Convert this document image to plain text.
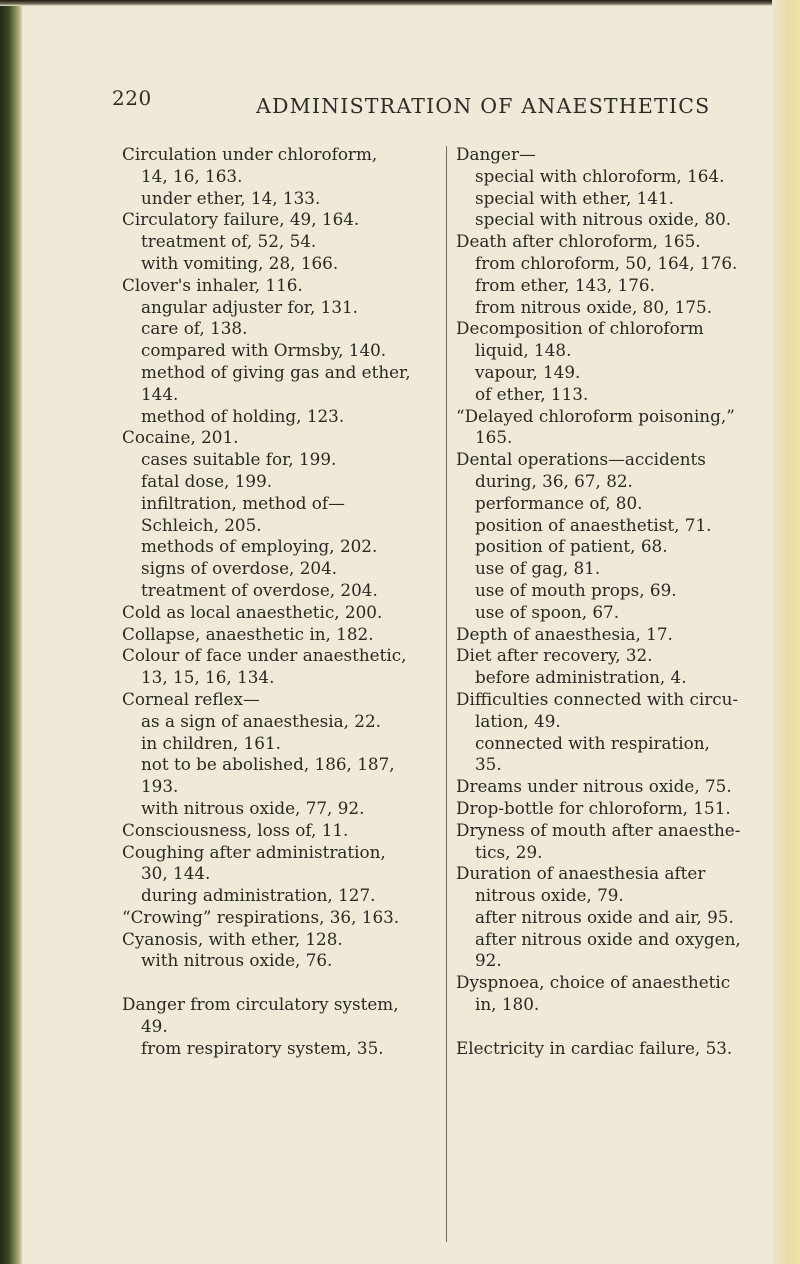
220	ADMINISTRATION OF ANAESTHETICS
Circulation under chloroform,
14, 16, 163.
under ether, 14, 133.
Circulatory failure, 49, 164.
treatment of, 52, 54.
with vomiting, 28, 166.
Clover's inhaler, 116.
angular adjuster for, 131.
care of, 138.
compared with Ormsby, 140.
method of giving gas and ether,
144.
method of holding, 123.
Cocaine, 201.
cases suitable for, 199.
fatal dose, 199.
infiltration, method of—
Schleich, 205.
methods of employing, 202.
signs of overdose, 204.
treatment of overdose, 204.
Cold as local anaesthetic, 200.
Collapse, anaesthetic in, 182.
Colour of face under anaesthetic,
13, 15, 16, 134.
Corneal reflex—
as a sign of anaesthesia, 22.
in children, 161.
not to be abolished, 186, 187,
193.
with nitrous oxide, 77, 92.
Consciousness, loss of, 11.
Coughing after administration,
30, 144.
during administration, 127.
“Crowing” respirations, 36, 163.
Cyanosis, with ether, 128.
with nitrous oxide, 76.
Danger from circulatory system,
49.
from respiratory system, 35.
Danger—
special with chloroform, 164.
special with ether, 141.
special with nitrous oxide, 80.
Death after chloroform, 165.
from chloroform, 50, 164, 176.
from ether, 143, 176.
from nitrous oxide, 80, 175.
Decomposition of chloroform
liquid, 148.
vapour, 149.
of ether, 113.
“Delayed chloroform poisoning,”
165.
Dental operations—accidents
during, 36, 67, 82.
performance of, 80.
position of anaesthetist, 71.
position of patient, 68.
use of gag, 81.
use of mouth props, 69.
use of spoon, 67.
Depth of anaesthesia, 17.
Diet after recovery, 32.
before administration, 4.
Difficulties connected with circu-
lation, 49.
connected with respiration,
35.
Dreams under nitrous oxide, 75.
Drop-bottle for chloroform, 151.
Dryness of mouth after anaesthe-
tics, 29.
Duration of anaesthesia after
nitrous oxide, 79.
after nitrous oxide and air, 95.
after nitrous oxide and oxygen,
92.
Dyspnoea, choice of anaesthetic
in, 180.
Electricity in cardiac failure, 53.
